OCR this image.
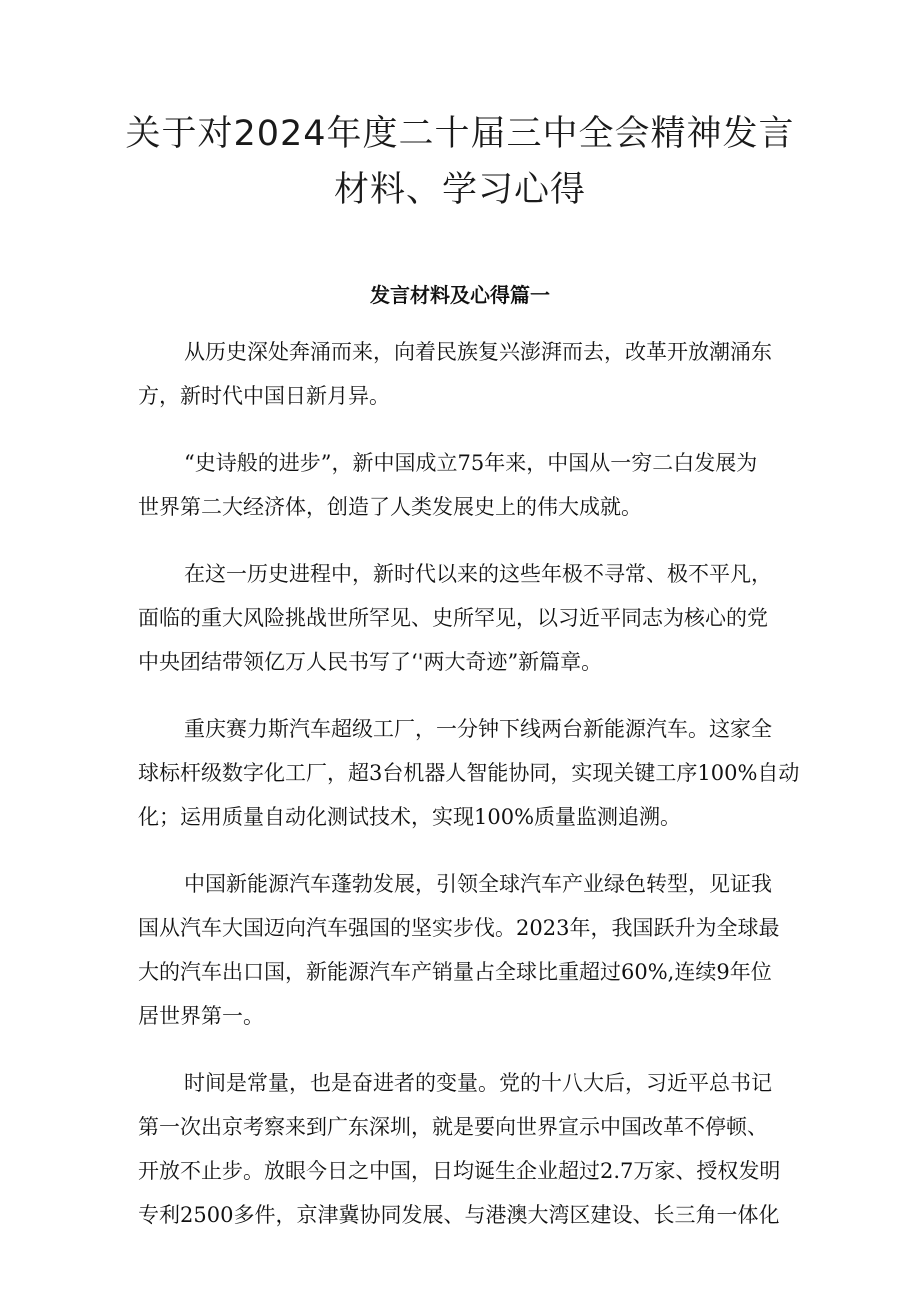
关于对2024年度二十届三中全会精神发言
材料、学习心得
发言材料及心得篇一

从历史深处奔涌而来，向着民族复兴澎湃而去，改革开放潮涌东
方，新时代中国日新月异。

“史诗般的进步”，新中国成立75年来，中国从一穷二白发展为
世界第二大经济体，创造了人类发展史上的伟大成就。

在这一历史进程中，新时代以来的这些年极不寻常、极不平凡，
面临的重大风险挑战世所罕见、史所罕见，以习近平同志为核心的党
中央团结带领亿万人民书写了‘'两大奇迹”新篇章。

重庆赛力斯汽车超级工厂，一分钟下线两台新能源汽车。这家全
球标杆级数字化工厂，超3台机器人智能协同，实现关键工序100%自动
化；运用质量自动化测试技术，实现100%质量监测追溯。

中国新能源汽车蓬勃发展，引领全球汽车产业绿色转型，见证我
国从汽车大国迈向汽车强国的坚实步伐。2023年，我国跃升为全球最
大的汽车出口国，新能源汽车产销量占全球比重超过60%,连续9年位
居世界第一。

时间是常量，也是奋进者的变量。党的十八大后，习近平总书记
第一次出京考察来到广东深圳，就是要向世界宣示中国改革不停顿、
开放不止步。放眼今日之中国，日均诞生企业超过2.7万家、授权发明
专利2500多件，京津冀协同发展、与港澳大湾区建设、长三角一体化
